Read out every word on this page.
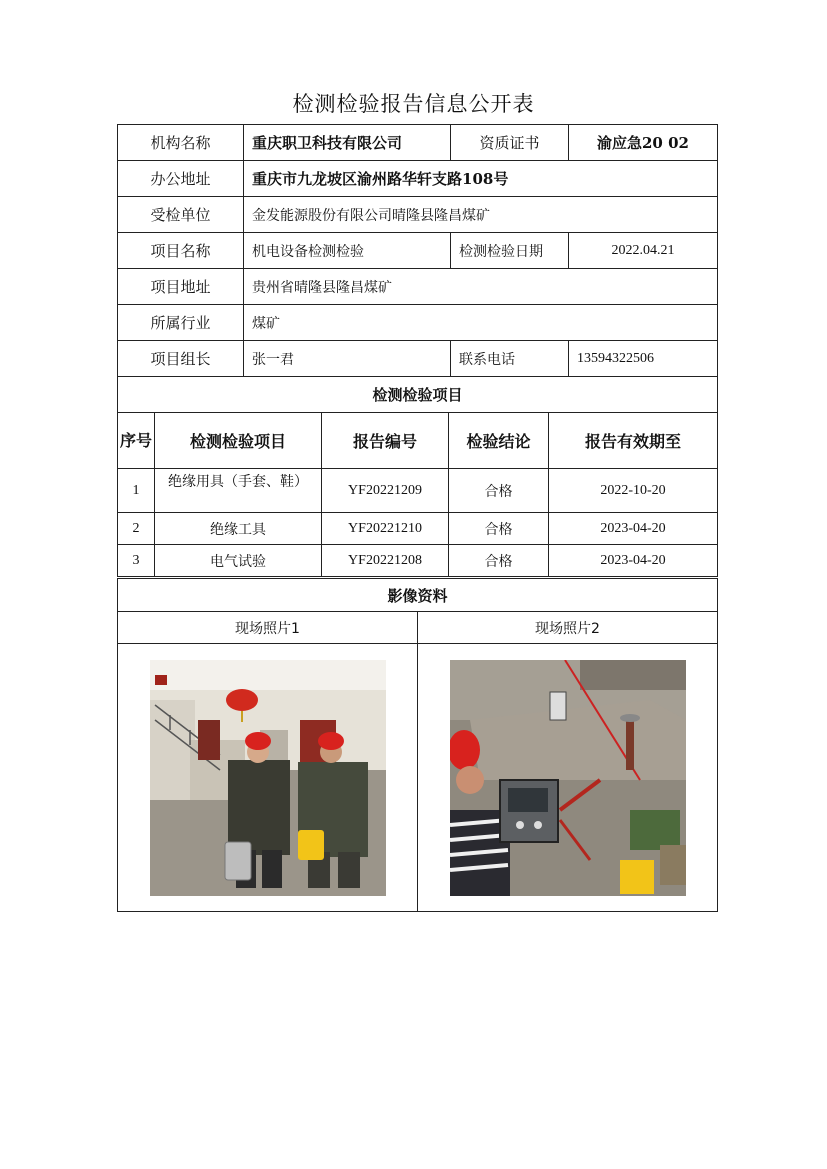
检测检验报告信息公开表
机构名称	重庆职卫科技有限公司	资质证书	渝应急20 02
办公地址	重庆市九龙坡区渝州路华轩支路108号		
受检单位	金发能源股份有限公司晴隆县隆昌煤矿		
项目名称	机电设备检测检验	检测检验日期	2022.04.21
项目地址	贵州省晴隆县隆昌煤矿		
所属行业	煤矿		
项目组长	张一君	联系电话	13594322506
检测检验项目			
序号	检测检验项目	报告编号	检验结论	报告有效期至
1	绝缘用具（手套、鞋）	YF20221209	合格	2022-10-20
2	绝缘工具	YF20221210	合格	2023-04-20
3	电气试验	YF20221208	合格	2023-04-20
影像资料	
现场照片1	现场照片2
